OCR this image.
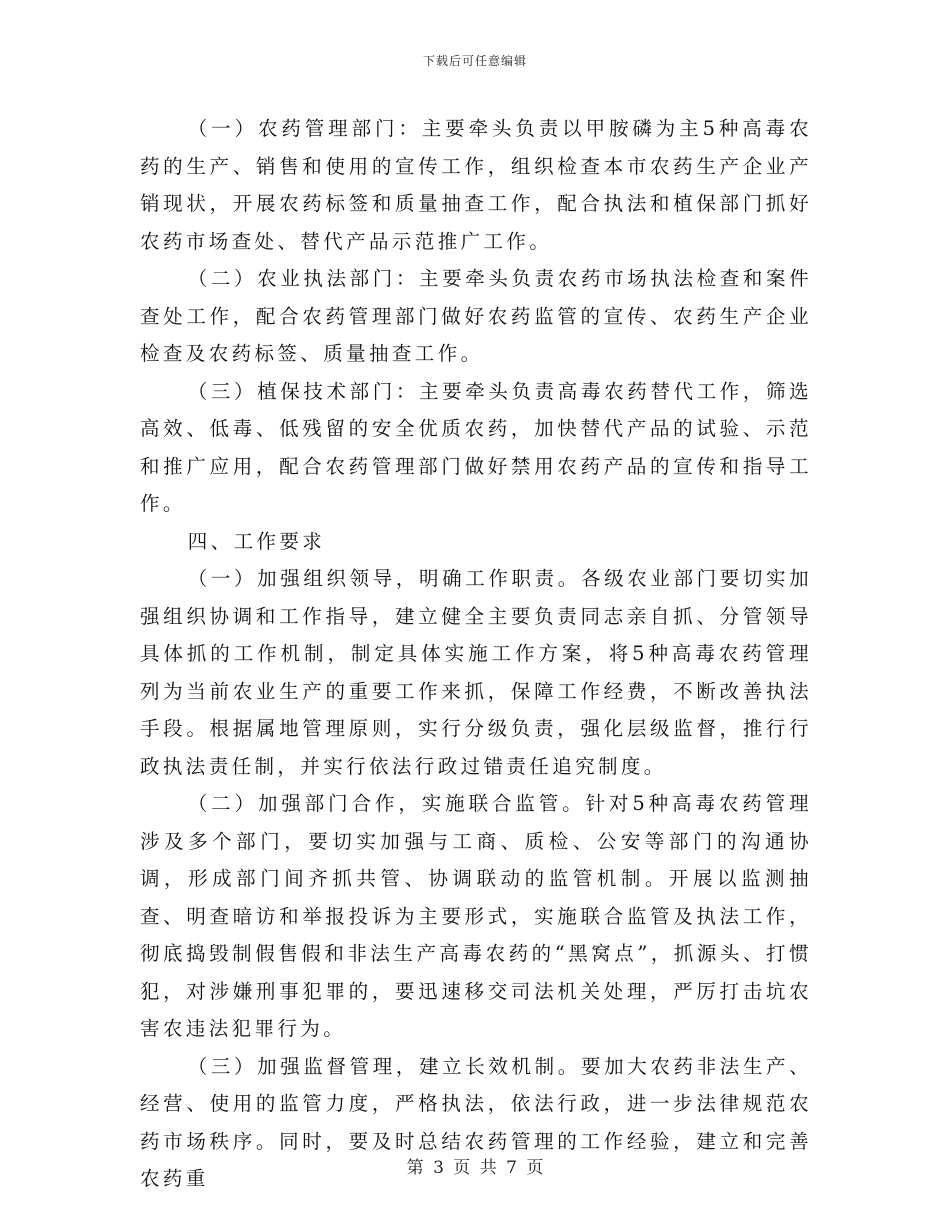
下载后可任意编辑

（一）农药管理部门：主要牵头负责以甲胺磷为主5种高毒农药的生产、销售和使用的宣传工作，组织检查本市农药生产企业产销现状，开展农药标签和质量抽查工作，配合执法和植保部门抓好农药市场查处、替代产品示范推广工作。

（二）农业执法部门：主要牵头负责农药市场执法检查和案件查处工作，配合农药管理部门做好农药监管的宣传、农药生产企业检查及农药标签、质量抽查工作。

（三）植保技术部门：主要牵头负责高毒农药替代工作，筛选高效、低毒、低残留的安全优质农药，加快替代产品的试验、示范和推广应用，配合农药管理部门做好禁用农药产品的宣传和指导工作。

四、工作要求

（一）加强组织领导，明确工作职责。各级农业部门要切实加强组织协调和工作指导，建立健全主要负责同志亲自抓、分管领导具体抓的工作机制，制定具体实施工作方案，将5种高毒农药管理列为当前农业生产的重要工作来抓，保障工作经费，不断改善执法手段。根据属地管理原则，实行分级负责，强化层级监督，推行行政执法责任制，并实行依法行政过错责任追究制度。

（二）加强部门合作，实施联合监管。针对5种高毒农药管理涉及多个部门，要切实加强与工商、质检、公安等部门的沟通协调，形成部门间齐抓共管、协调联动的监管机制。开展以监测抽查、明查暗访和举报投诉为主要形式，实施联合监管及执法工作，彻底捣毁制假售假和非法生产高毒农药的“黑窝点”，抓源头、打惯犯，对涉嫌刑事犯罪的，要迅速移交司法机关处理，严厉打击坑农害农违法犯罪行为。

（三）加强监督管理，建立长效机制。要加大农药非法生产、经营、使用的监管力度，严格执法，依法行政，进一步法律规范农药市场秩序。同时，要及时总结农药管理的工作经验，建立和完善农药重	第 3 页 共 7 页
